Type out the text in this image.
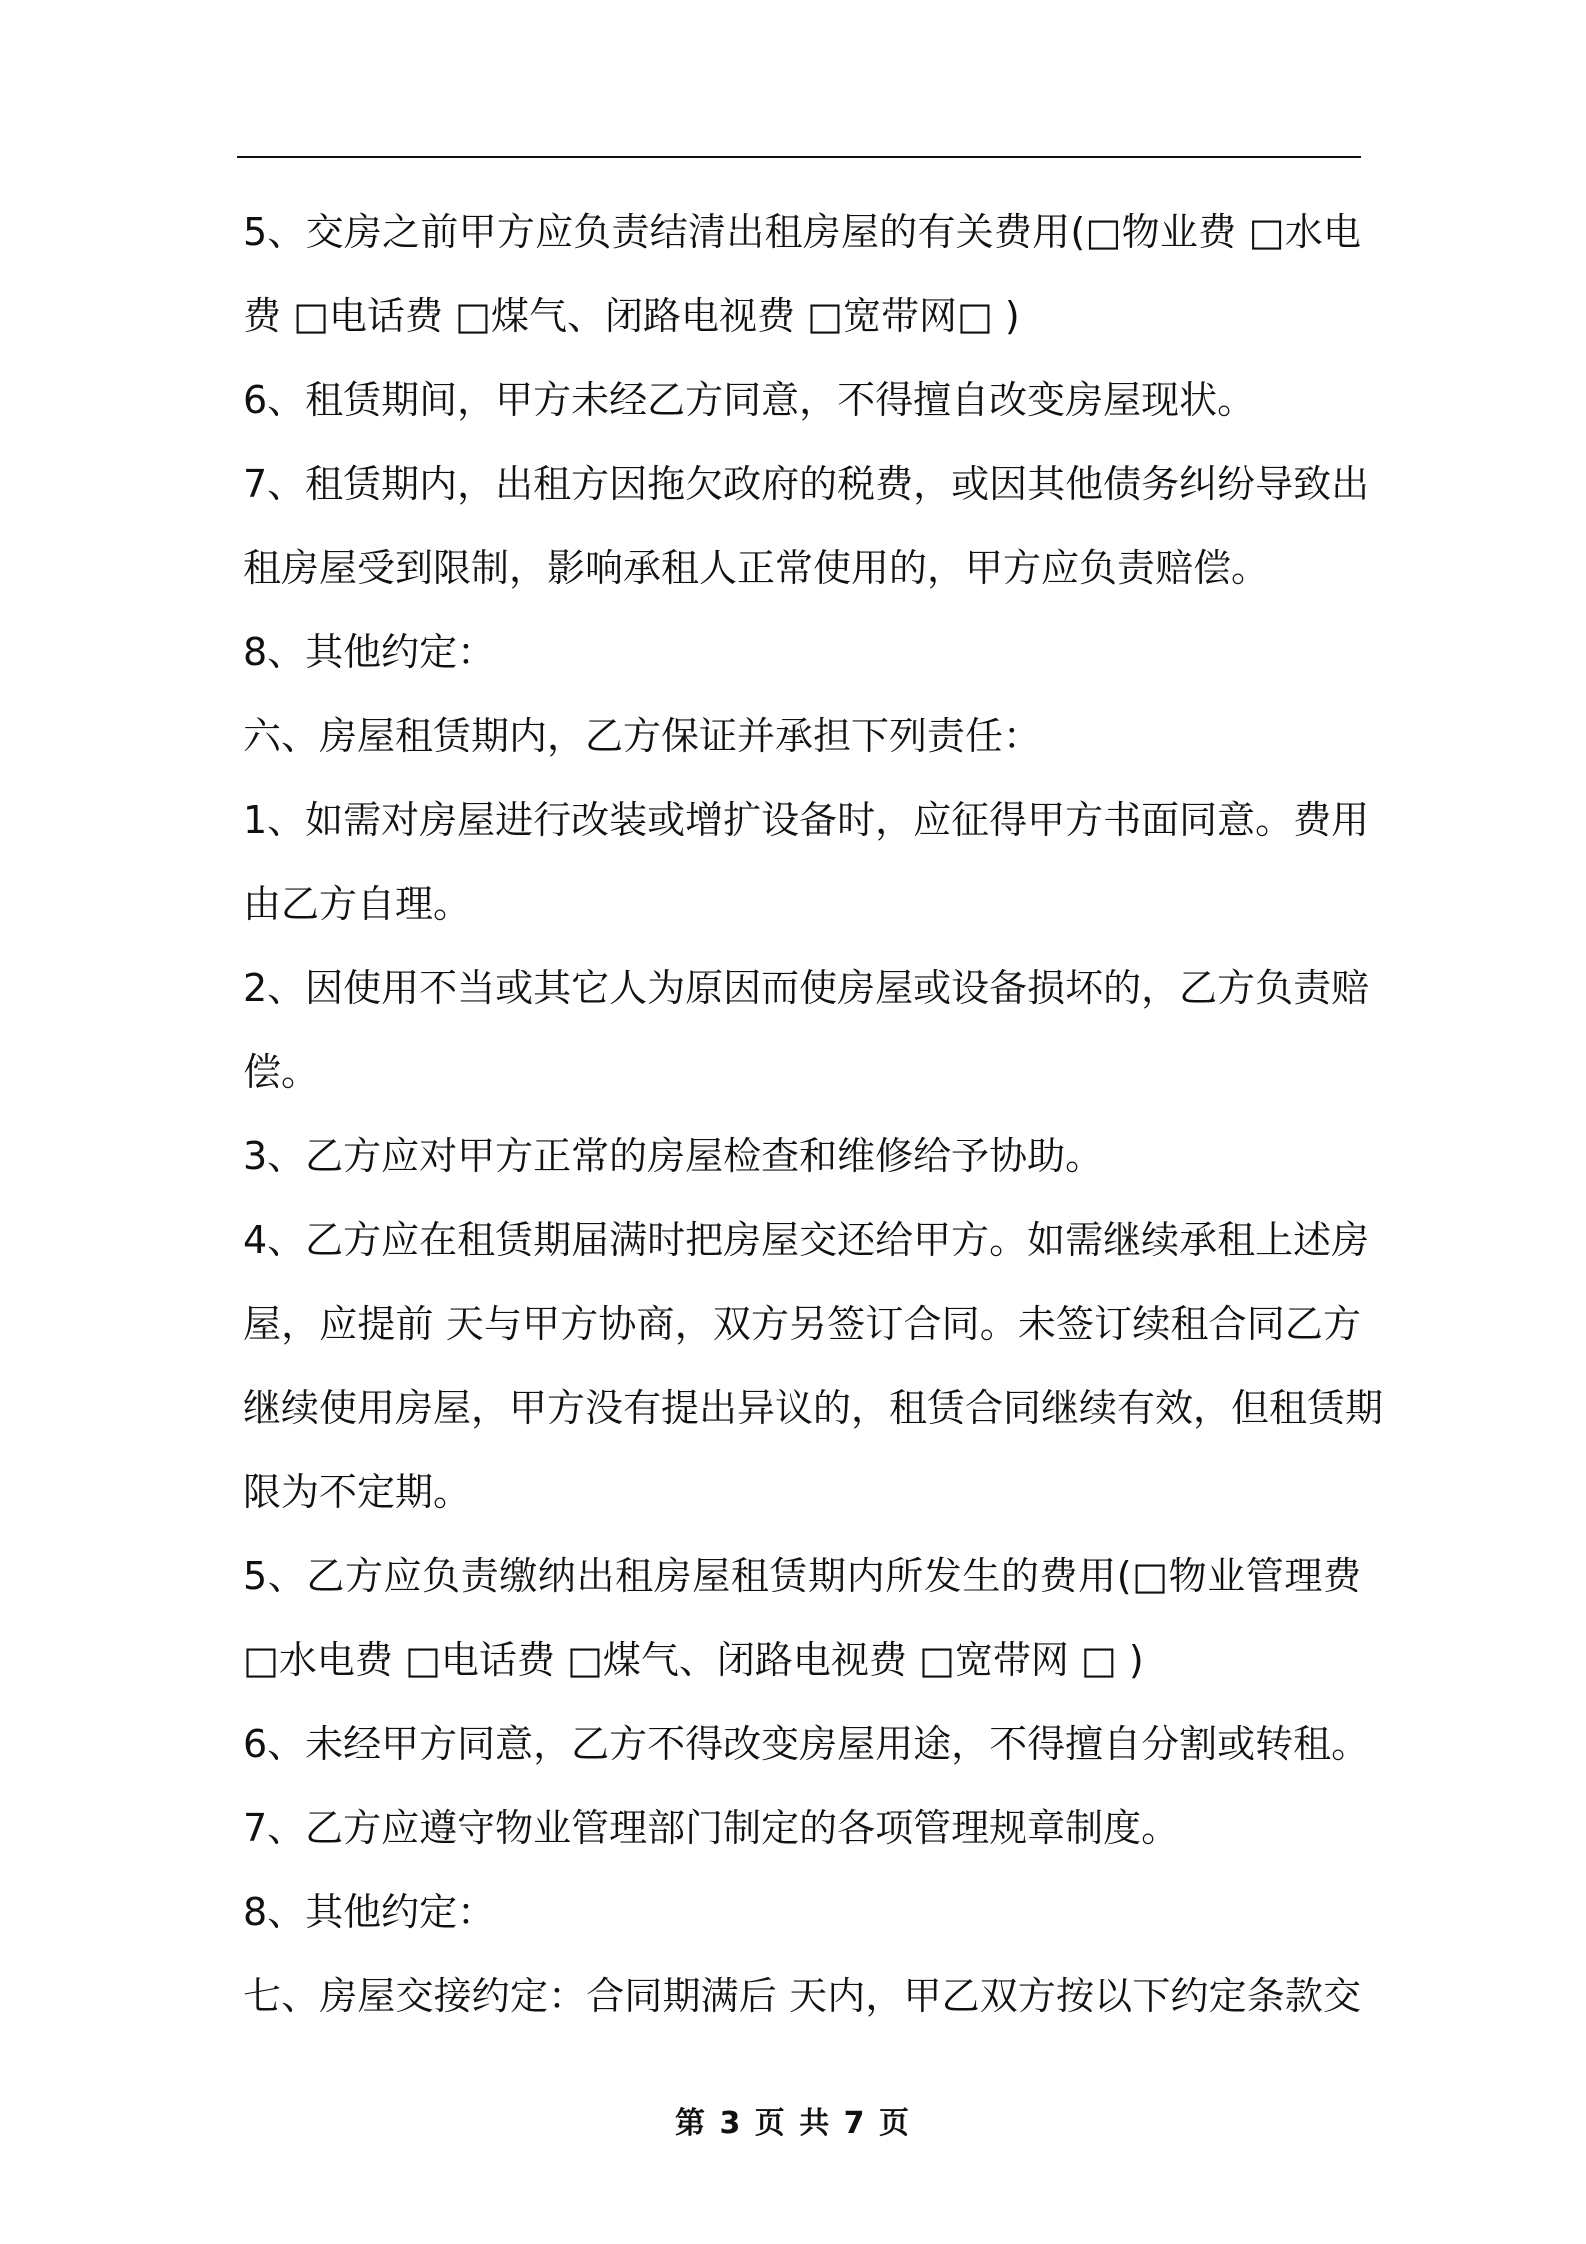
5、交房之前甲方应负责结清出租房屋的有关费用(□物业费 □水电
费 □电话费 □煤气、闭路电视费 □宽带网□ )
6、租赁期间，甲方未经乙方同意，不得擅自改变房屋现状。
7、租赁期内，出租方因拖欠政府的税费，或因其他债务纠纷导致出
租房屋受到限制，影响承租人正常使用的，甲方应负责赔偿。
8、其他约定：
六、房屋租赁期内，乙方保证并承担下列责任：
1、如需对房屋进行改装或增扩设备时，应征得甲方书面同意。费用
由乙方自理。
2、因使用不当或其它人为原因而使房屋或设备损坏的，乙方负责赔
偿。
3、乙方应对甲方正常的房屋检查和维修给予协助。
4、乙方应在租赁期届满时把房屋交还给甲方。如需继续承租上述房
屋，应提前 天与甲方协商，双方另签订合同。未签订续租合同乙方
继续使用房屋，甲方没有提出异议的，租赁合同继续有效，但租赁期
限为不定期。
5、乙方应负责缴纳出租房屋租赁期内所发生的费用(□物业管理费
□水电费 □电话费 □煤气、闭路电视费 □宽带网 □ )
6、未经甲方同意，乙方不得改变房屋用途，不得擅自分割或转租。
7、乙方应遵守物业管理部门制定的各项管理规章制度。
8、其他约定：
七、房屋交接约定：合同期满后 天内，甲乙双方按以下约定条款交
第 3 页 共 7 页
